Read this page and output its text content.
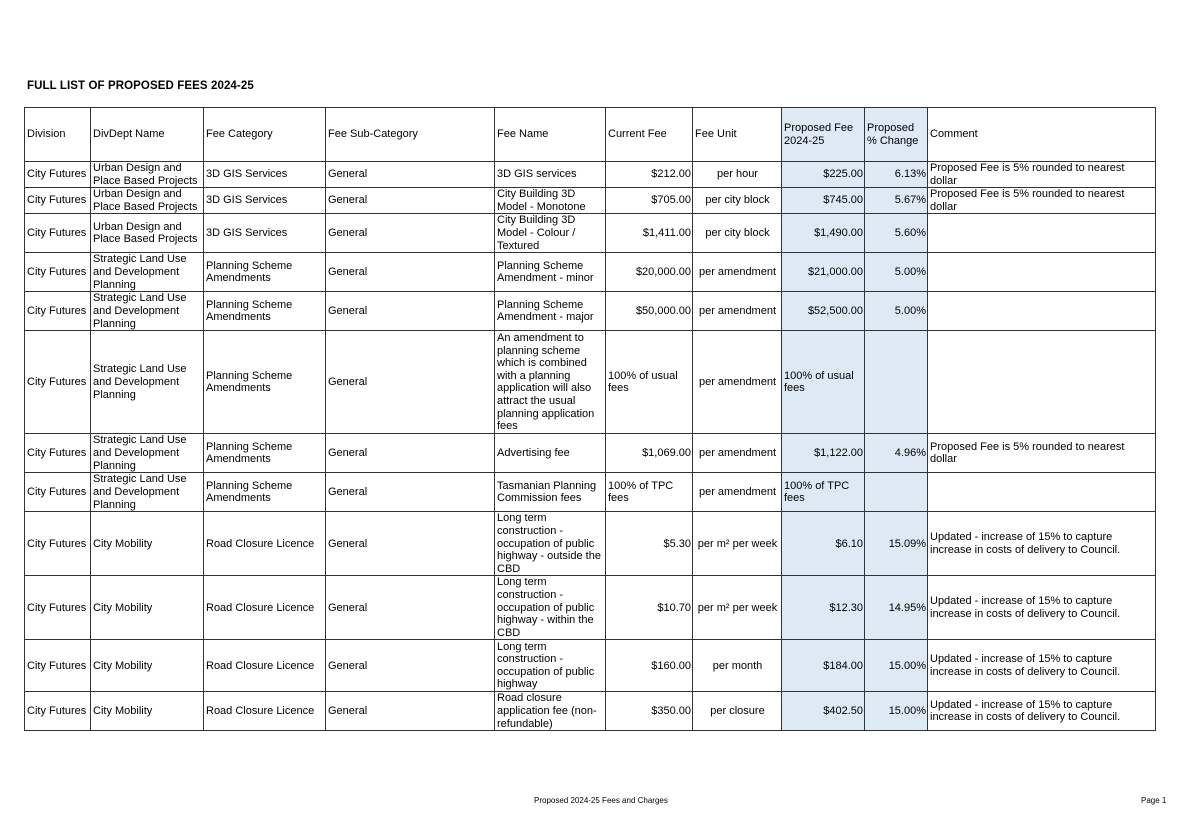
FULL LIST OF PROPOSED FEES 2024-25
Division	DivDept Name	Fee Category	Fee Sub-Category	Fee Name	Current Fee	Fee Unit	Proposed Fee 2024-25	Proposed % Change	Comment
City Futures	Urban Design and Place Based Projects	3D GIS Services	General	3D GIS services	$212.00	per hour	$225.00	6.13%	Proposed Fee is 5% rounded to nearest dollar
City Futures	Urban Design and Place Based Projects	3D GIS Services	General	City Building 3D Model - Monotone	$705.00	per city block	$745.00	5.67%	Proposed Fee is 5% rounded to nearest dollar
City Futures	Urban Design and Place Based Projects	3D GIS Services	General	City Building 3D Model - Colour / Textured	$1,411.00	per city block	$1,490.00	5.60%	
City Futures	Strategic Land Use and Development Planning	Planning Scheme Amendments	General	Planning Scheme Amendment - minor	$20,000.00	per amendment	$21,000.00	5.00%	
City Futures	Strategic Land Use and Development Planning	Planning Scheme Amendments	General	Planning Scheme Amendment - major	$50,000.00	per amendment	$52,500.00	5.00%	
City Futures	Strategic Land Use and Development Planning	Planning Scheme Amendments	General	An amendment to planning scheme which is combined with a planning application will also attract the usual planning application fees	100% of usual fees	per amendment	100% of usual fees		
City Futures	Strategic Land Use and Development Planning	Planning Scheme Amendments	General	Advertising fee	$1,069.00	per amendment	$1,122.00	4.96%	Proposed Fee is 5% rounded to nearest dollar
City Futures	Strategic Land Use and Development Planning	Planning Scheme Amendments	General	Tasmanian Planning Commission fees	100% of TPC fees	per amendment	100% of TPC fees		
City Futures	City Mobility	Road Closure Licence	General	Long term construction - occupation of public highway - outside the CBD	$5.30	per m² per week	$6.10	15.09%	Updated - increase of 15% to capture increase in costs of delivery to Council.
City Futures	City Mobility	Road Closure Licence	General	Long term construction - occupation of public highway - within the CBD	$10.70	per m² per week	$12.30	14.95%	Updated - increase of 15% to capture increase in costs of delivery to Council.
City Futures	City Mobility	Road Closure Licence	General	Long term construction - occupation of public highway	$160.00	per month	$184.00	15.00%	Updated - increase of 15% to capture increase in costs of delivery to Council.
City Futures	City Mobility	Road Closure Licence	General	Road closure application fee (non-refundable)	$350.00	per closure	$402.50	15.00%	Updated - increase of 15% to capture increase in costs of delivery to Council.
Proposed 2024-25 Fees and Charges	Page 1
